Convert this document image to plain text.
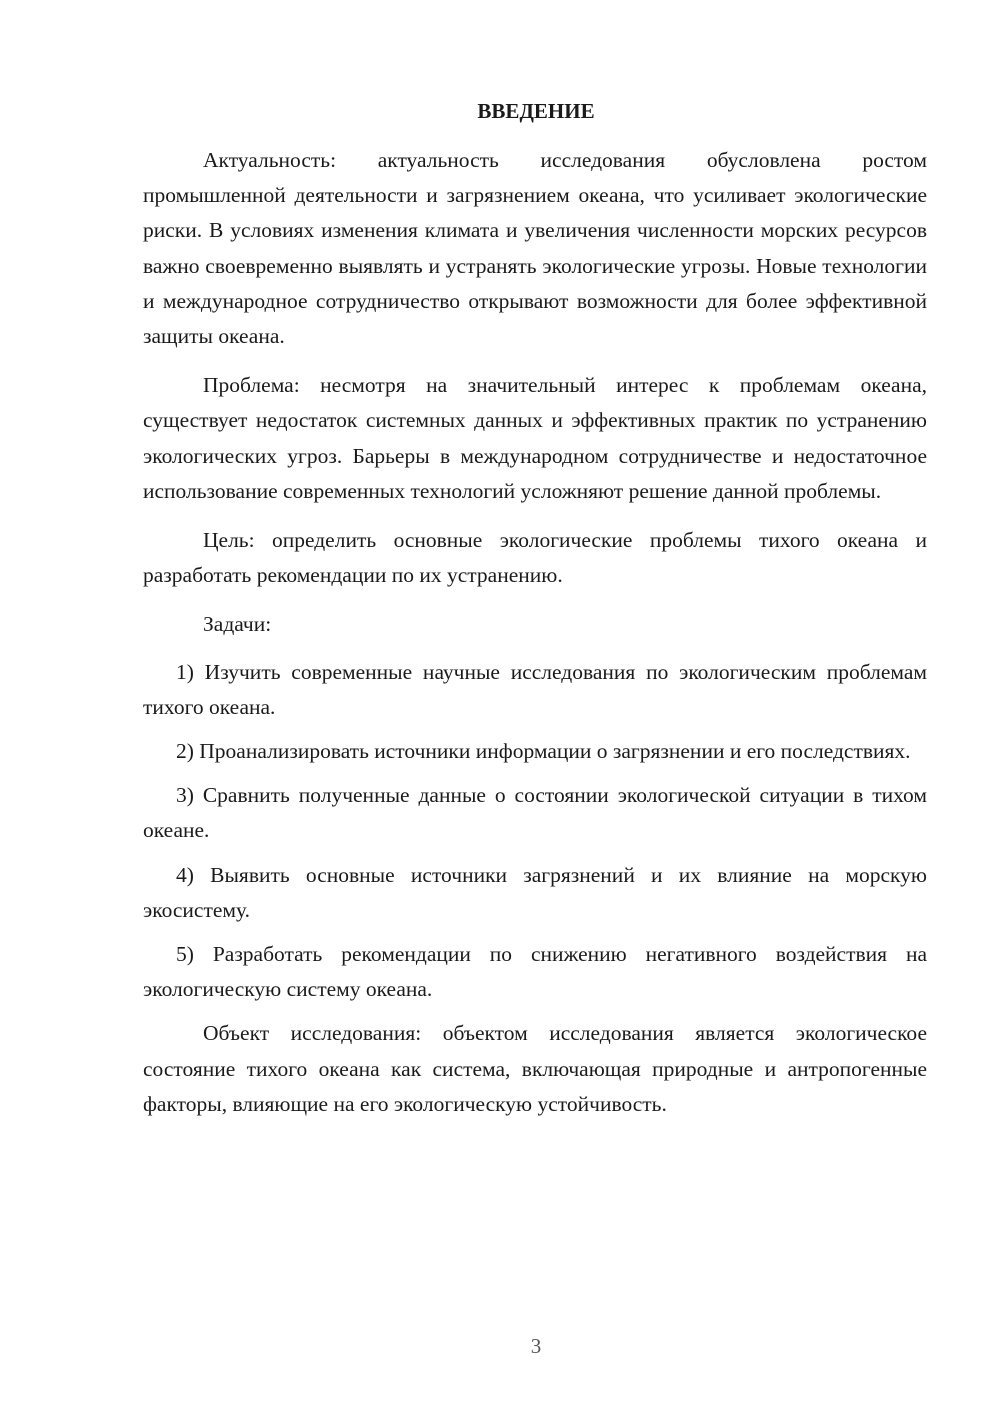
ВВЕДЕНИЕ

Актуальность: актуальность исследования обусловлена ростом промышленной деятельности и загрязнением океана, что усиливает экологические риски. В условиях изменения климата и увеличения численности морских ресурсов важно своевременно выявлять и устранять экологические угрозы. Новые технологии и международное сотрудничество открывают возможности для более эффективной защиты океана.

Проблема: несмотря на значительный интерес к проблемам океана, существует недостаток системных данных и эффективных практик по устранению экологических угроз. Барьеры в международном сотрудничестве и недостаточное использование современных технологий усложняют решение данной проблемы.

Цель: определить основные экологические проблемы тихого океана и разработать рекомендации по их устранению.

Задачи:

1) Изучить современные научные исследования по экологическим проблемам тихого океана.

2) Проанализировать источники информации о загрязнении и его последствиях.

3) Сравнить полученные данные о состоянии экологической ситуации в тихом океане.

4) Выявить основные источники загрязнений и их влияние на морскую экосистему.

5) Разработать рекомендации по снижению негативного воздействия на экологическую систему океана.

Объект исследования: объектом исследования является экологическое состояние тихого океана как система, включающая природные и антропогенные факторы, влияющие на его экологическую устойчивость.

3
